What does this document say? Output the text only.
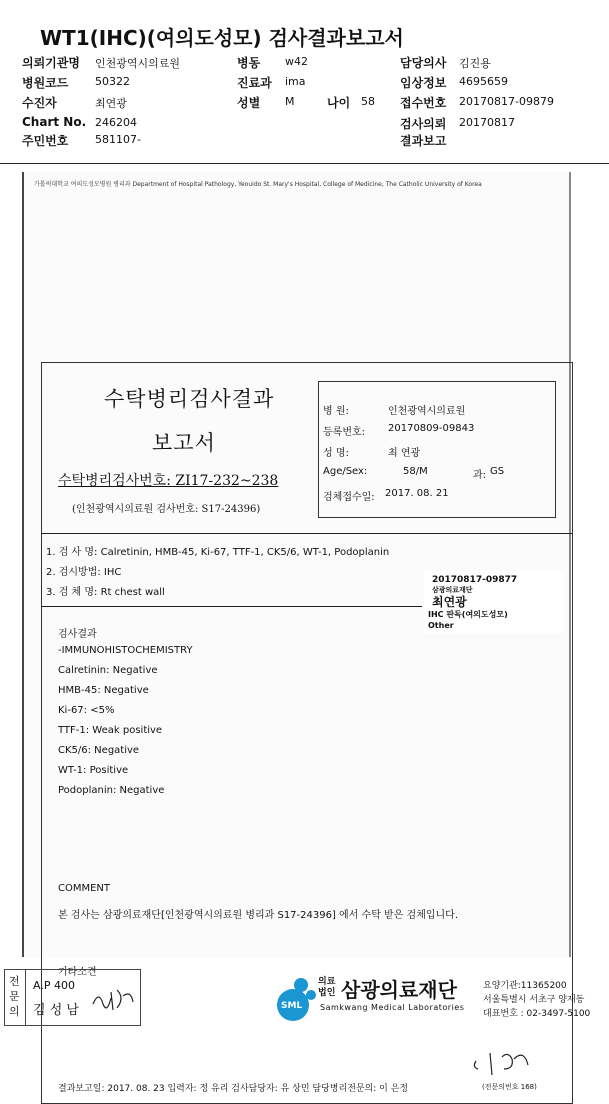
WT1(IHC)(여의도성모) 검사결과보고서
의뢰기관명 인천광역시의료원	병동 w42	담당의사 김진용
병원코드 50322	진료과 ima	임상정보 4695659
수진자	최연광	성별 M	나이 58 접수번호 20170817-09879
Chart No. 246204	검사의뢰 20170817
주민번호 581107-	결과보고
가톨릭대학교 여의도성모병원 병리과 Department of Hospital Pathology, Yeouido St. Mary's Hospital, College of Medicine, The Catholic University of Korea
수탁병리검사결과
보고서
수탁병리검사번호: ZI17-232~238
(인천광역시의료원 검사번호: S17-24396)
병 원:	인천광역시의료원
등록번호: 20170809-09843
성 명:	최 연광
Age/Sex:	58/M	과: GS
검체접수일: 2017. 08. 21
1. 검 사 명: Calretinin, HMB-45, Ki-67, TTF-1, CK5/6, WT-1, Podoplanin
2. 검시방법: IHC
3. 검 체 명: Rt chest wall
20170817-09877
삼광의료재단
최연광
IHC 판독(여의도성모)
Other
검사결과
-IMMUNOHISTOCHEMISTRY
Calretinin: Negative
HMB-45: Negative
Ki-67: <5%
TTF-1: Weak positive
CK5/6: Negative
WT-1: Positive
Podoplanin: Negative
COMMENT
본 검사는 삼광의료재단[인천광역시의료원 병리과 S17-24396] 에서 수탁 받은 검체입니다.
기타소견
결과보고일: 2017. 08. 23 입력자: 정 유리 검사담당자: 유 상민 담당병리전문의: 이 은정	(전문의번호 168)
전문의
A.P 400
김 성 남	SML
의료법인 삼광의료재단
Samkwang Medical Laboratories
요양기관:11365200
서울특별시 서초구 양재동
대표번호 : 02-3497-5100
